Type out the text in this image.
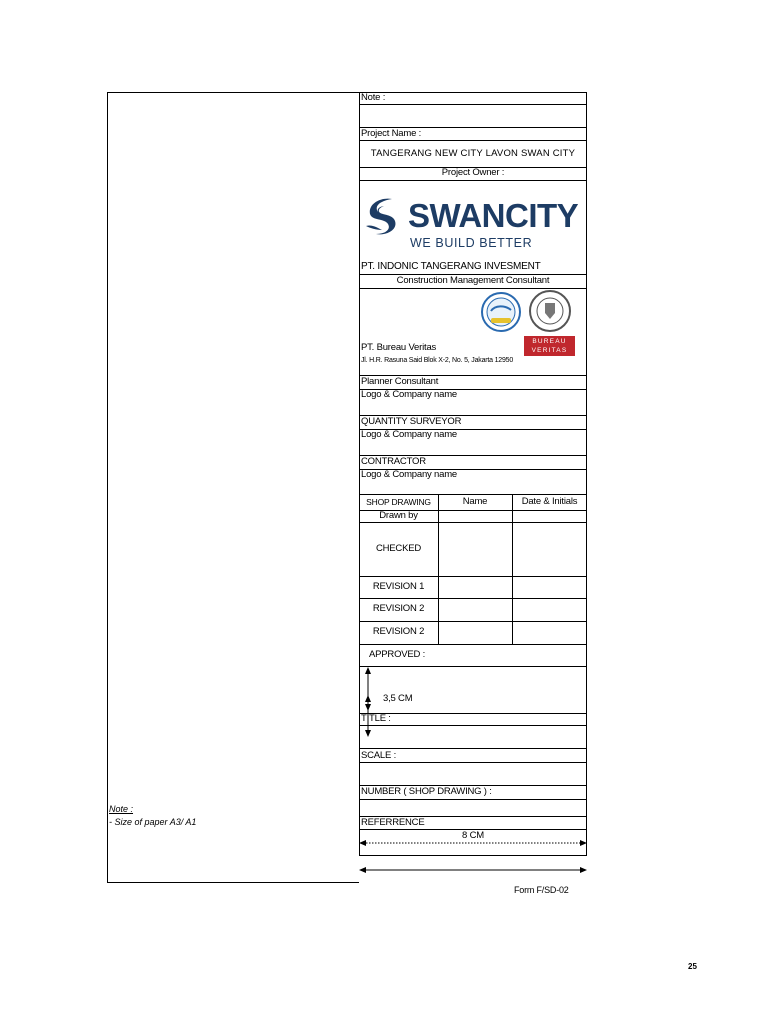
Note :
Project Name :
TANGERANG NEW CITY LAVON SWAN CITY
Project Owner :
SWANCITY
WE BUILD BETTER
PT. INDONIC TANGERANG INVESMENT
Construction Management Consultant
BUREAU VERITAS
PT. Bureau Veritas
Jl. H.R. Rasuna Said Blok X-2, No. 5, Jakarta 12950
Planner Consultant
Logo & Company name
QUANTITY SURVEYOR
Logo & Company name
CONTRACTOR
Logo & Company name
SHOP DRAWING	Name	Date & Initials
Drawn by
CHECKED
REVISION 1
REVISION 2
REVISION 2
APPROVED :
3,5 CM
TITLE :
SCALE :
NUMBER ( SHOP DRAWING ) :
REFERRENCE
8 CM
Note :
- Size of paper A3/ A1
Form F/SD-02
25
